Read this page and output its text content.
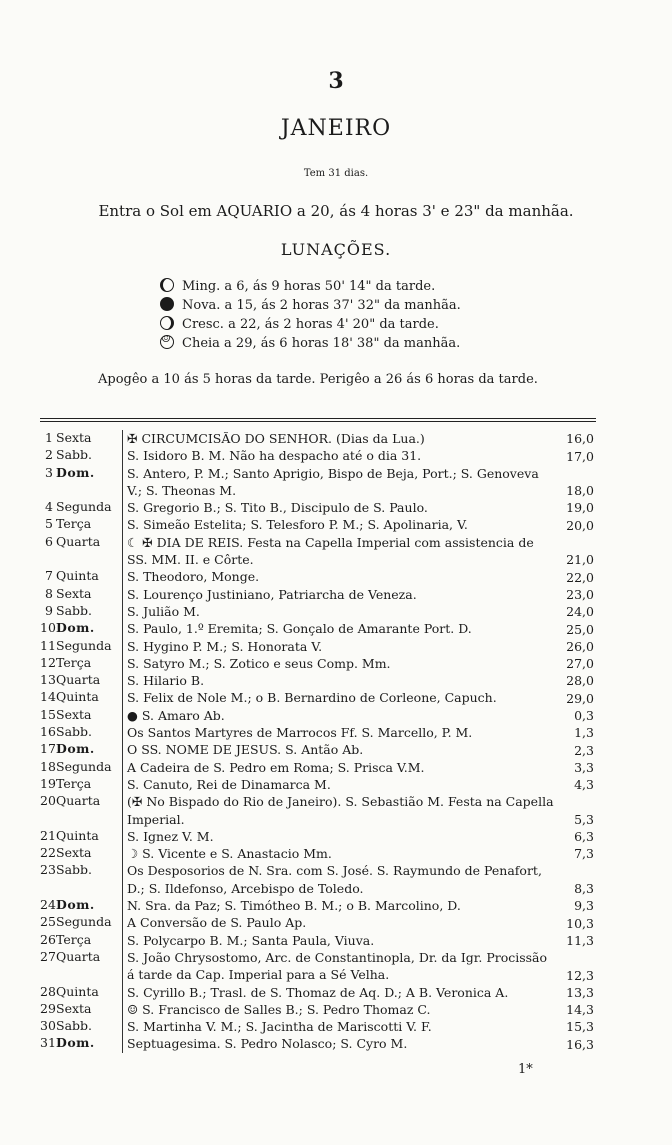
3
JANEIRO
Tem 31 dias.
Entra o Sol em AQUARIO a 20, ás 4 horas 3' e 23" da manhãa.
LUNAÇÕES.
Ming. a 6, ás 9 horas 50' 14" da tarde.
Nova. a 15, ás 2 horas 37' 32" da manhãa.
Cresc. a 22, ás 2 horas 4' 20" da tarde.
☺Cheia a 29, ás 6 horas 18' 38" da manhãa.
Apogêo a 10 ás 5 horas da tarde. Perigêo a 26 ás 6 horas da tarde.
1 Sexta	✠ CIRCUMCISÃO DO SENHOR. (Dias da Lua.)	16,0
2 Sabb.	S. Isidoro B. M. Não ha despacho até o dia 31.	17,0
3 Dom.	S. Antero, P. M.; Santo Aprigio, Bispo de Beja, Port.; S. Genoveva V.; S. Theonas M.	18,0
4 Segunda	S. Gregorio B.; S. Tito B., Discipulo de S. Paulo.	19,0
5 Terça	S. Simeão Estelita; S. Telesforo P. M.; S. Apolinaria, V.	20,0
6 Quarta	☾ ✠ DIA DE REIS. Festa na Capella Imperial com assistencia de SS. MM. II. e Côrte.	21,0
7 Quinta	S. Theodoro, Monge.	22,0
8 Sexta	S. Lourenço Justiniano, Patriarcha de Veneza.	23,0
9 Sabb.	S. Julião M.	24,0
10 Dom.	S. Paulo, 1.º Eremita; S. Gonçalo de Amarante Port. D.	25,0
11 Segunda	S. Hygino P. M.; S. Honorata V.	26,0
12 Terça	S. Satyro M.; S. Zotico e seus Comp. Mm.	27,0
13 Quarta	S. Hilario B.	28,0
14 Quinta	S. Felix de Nole M.; o B. Bernardino de Corleone, Capuch.	29,0
15 Sexta	● S. Amaro Ab.	0,3
16 Sabb.	Os Santos Martyres de Marrocos Ff. S. Marcello, P. M.	1,3
17 Dom.	O SS. NOME DE JESUS. S. Antão Ab.	2,3
18 Segunda	A Cadeira de S. Pedro em Roma; S. Prisca V.M.	3,3
19 Terça	S. Canuto, Rei de Dinamarca M.	4,3
20 Quarta	(✠ No Bispado do Rio de Janeiro). S. Sebastião M. Festa na Capella Imperial.	5,3
21 Quinta	S. Ignez V. M.	6,3
22 Sexta	☽ S. Vicente e S. Anastacio Mm.	7,3
23 Sabb.	Os Desposorios de N. Sra. com S. José. S. Raymundo de Penafort, D.; S. Ildefonso, Arcebispo de Toledo.	8,3
24 Dom.	N. Sra. da Paz; S. Timótheo B. M.; o B. Marcolino, D.	9,3
25 Segunda	A Conversão de S. Paulo Ap.	10,3
26 Terça	S. Polycarpo B. M.; Santa Paula, Viuva.	11,3
27 Quarta	S. João Chrysostomo, Arc. de Constantinopla, Dr. da Igr. Procissão á tarde da Cap. Imperial para a Sé Velha.	12,3
28 Quinta	S. Cyrillo B.; Trasl. de S. Thomaz de Aq. D.; A B. Veronica A.	13,3
29 Sexta	☺ S. Francisco de Salles B.; S. Pedro Thomaz C.	14,3
30 Sabb.	S. Martinha V. M.; S. Jacintha de Mariscotti V. F.	15,3
31 Dom.	Septuagesima. S. Pedro Nolasco; S. Cyro M.	16,3
1*
